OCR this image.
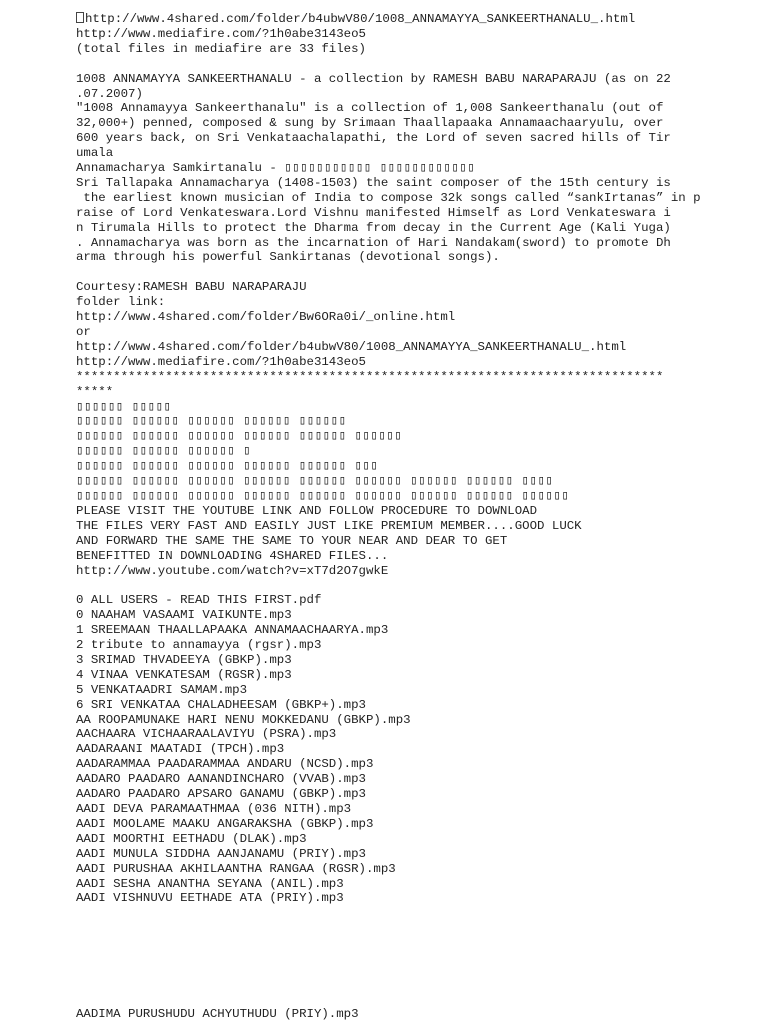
http://www.4shared.com/folder/b4ubwV80/1008_ANNAMAYYA_SANKEERTHANALU_.html
http://www.mediafire.com/?1h0abe3143eo5
(total files in mediafire are 33 files)
1008 ANNAMAYYA SANKEERTHANALU - a collection by RAMESH BABU NARAPARAJU (as on 22
.07.2007)
"1008 Annamayya Sankeerthanalu" is a collection of 1,008 Sankeerthanalu (out of
32,000+) penned, composed & sung by Srimaan Thaallapaaka Annamaachaaryulu, over
600 years back, on Sri Venkataachalapathi, the Lord of seven sacred hills of Tir
umala
Annamacharya Samkirtanalu - ▯▯▯▯▯▯▯▯▯▯▯ ▯▯▯▯▯▯▯▯▯▯▯▯
Sri Tallapaka Annamacharya (1408-1503) the saint composer of the 15th century is
the earliest known musician of India to compose 32k songs called “sankIrtanas” in p
raise of Lord Venkateswara.Lord Vishnu manifested Himself as Lord Venkateswara i
n Tirumala Hills to protect the Dharma from decay in the Current Age (Kali Yuga)
. Annamacharya was born as the incarnation of Hari Nandakam(sword) to promote Dh
arma through his powerful Sankirtanas (devotional songs).
Courtesy:RAMESH BABU NARAPARAJU
folder link:
http://www.4shared.com/folder/Bw6ORa0i/_online.html
or
http://www.4shared.com/folder/b4ubwV80/1008_ANNAMAYYA_SANKEERTHANALU_.html
http://www.mediafire.com/?1h0abe3143eo5
*******************************************************************************
*****
▯▯▯▯▯▯ ▯▯▯▯▯
▯▯▯▯▯▯ ▯▯▯▯▯▯ ▯▯▯▯▯▯ ▯▯▯▯▯▯ ▯▯▯▯▯▯
▯▯▯▯▯▯ ▯▯▯▯▯▯ ▯▯▯▯▯▯ ▯▯▯▯▯▯ ▯▯▯▯▯▯ ▯▯▯▯▯▯
▯▯▯▯▯▯ ▯▯▯▯▯▯ ▯▯▯▯▯▯ ▯
▯▯▯▯▯▯ ▯▯▯▯▯▯ ▯▯▯▯▯▯ ▯▯▯▯▯▯ ▯▯▯▯▯▯ ▯▯▯
▯▯▯▯▯▯ ▯▯▯▯▯▯ ▯▯▯▯▯▯ ▯▯▯▯▯▯ ▯▯▯▯▯▯ ▯▯▯▯▯▯ ▯▯▯▯▯▯ ▯▯▯▯▯▯ ▯▯▯▯
▯▯▯▯▯▯ ▯▯▯▯▯▯ ▯▯▯▯▯▯ ▯▯▯▯▯▯ ▯▯▯▯▯▯ ▯▯▯▯▯▯ ▯▯▯▯▯▯ ▯▯▯▯▯▯ ▯▯▯▯▯▯
PLEASE VISIT THE YOUTUBE LINK AND FOLLOW PROCEDURE TO DOWNLOAD
THE FILES VERY FAST AND EASILY JUST LIKE PREMIUM MEMBER....GOOD LUCK
AND FORWARD THE SAME THE SAME TO YOUR NEAR AND DEAR TO GET
BENEFITTED IN DOWNLOADING 4SHARED FILES...
http://www.youtube.com/watch?v=xT7d2O7gwkE
0 ALL USERS - READ THIS FIRST.pdf
0 NAAHAM VASAAMI VAIKUNTE.mp3
1 SREEMAAN THAALLAPAAKA ANNAMAACHAARYA.mp3
2 tribute to annamayya (rgsr).mp3
3 SRIMAD THVADEEYA (GBKP).mp3
4 VINAA VENKATESAM (RGSR).mp3
5 VENKATAADRI SAMAM.mp3
6 SRI VENKATAA CHALADHEESAM (GBKP+).mp3
AA ROOPAMUNAKE HARI NENU MOKKEDANU (GBKP).mp3
AACHAARA VICHAARAALAVIYU (PSRA).mp3
AADARAANI MAATADI (TPCH).mp3
AADARAMMAA PAADARAMMAA ANDARU (NCSD).mp3
AADARO PAADARO AANANDINCHARO (VVAB).mp3
AADARO PAADARO APSARO GANAMU (GBKP).mp3
AADI DEVA PARAMAATHMAA (036 NITH).mp3
AADI MOOLAME MAAKU ANGARAKSHA (GBKP).mp3
AADI MOORTHI EETHADU (DLAK).mp3
AADI MUNULA SIDDHA AANJANAMU (PRIY).mp3
AADI PURUSHAA AKHILAANTHA RANGAA (RGSR).mp3
AADI SESHA ANANTHA SEYANA (ANIL).mp3
AADI VISHNUVU EETHADE ATA (PRIY).mp3
AADIMA PURUSHUDU ACHYUTHUDU (PRIY).mp3
